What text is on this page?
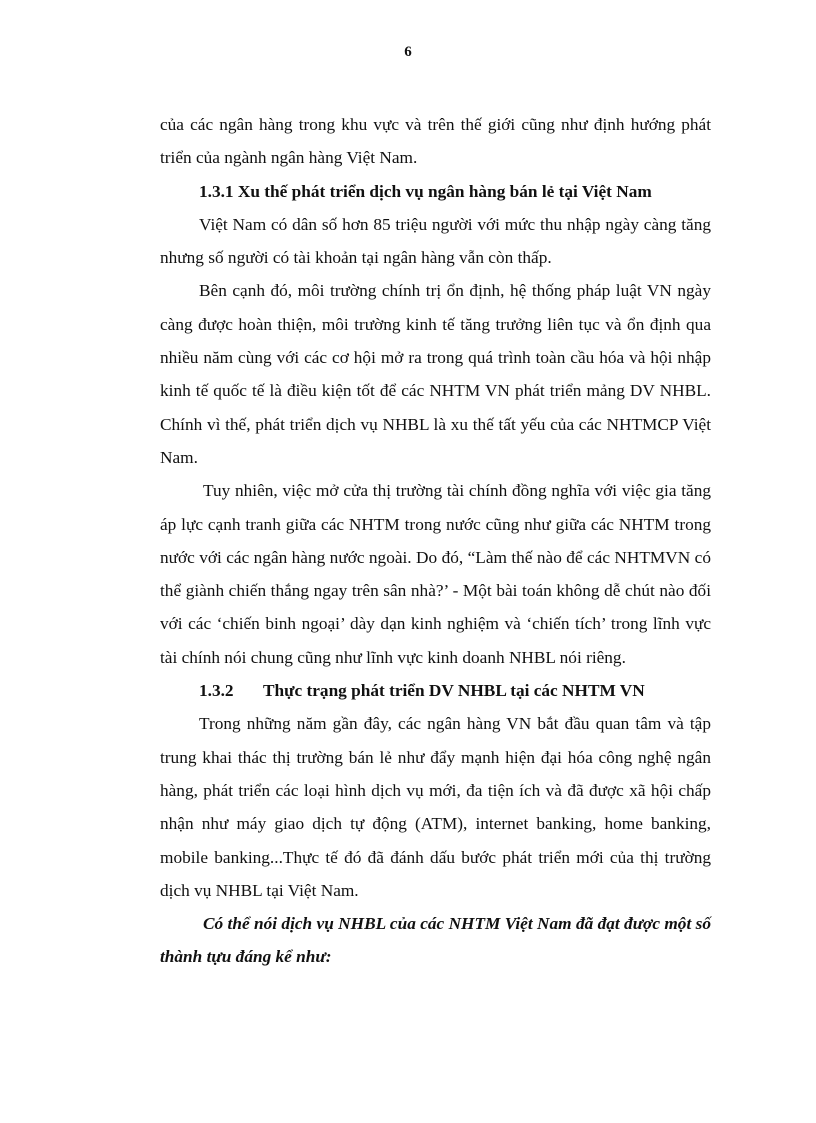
6

của các ngân hàng trong khu vực và trên thế giới cũng như định hướng phát triển của ngành ngân hàng Việt Nam.

1.3.1 Xu thế phát triển dịch vụ ngân hàng bán lẻ tại Việt Nam

Việt Nam có dân số hơn 85 triệu người với mức thu nhập ngày càng tăng nhưng số người có tài khoản tại ngân hàng vẫn còn thấp.

Bên cạnh đó, môi trường chính trị ổn định, hệ thống pháp luật VN ngày càng được hoàn thiện, môi trường kinh tế tăng trưởng liên tục và ổn định qua nhiều năm cùng với các cơ hội mở ra trong quá trình toàn cầu hóa và hội nhập kinh tế quốc tế là điều kiện tốt để các NHTM VN phát triển mảng DV NHBL. Chính vì thế, phát triển dịch vụ NHBL là xu thế tất yếu của các NHTMCP Việt Nam.

Tuy nhiên, việc mở cửa thị trường tài chính đồng nghĩa với việc gia tăng áp lực cạnh tranh giữa các NHTM trong nước cũng như giữa các NHTM trong nước với các ngân hàng nước ngoài. Do đó, “Làm thế nào để các NHTMVN có thể giành chiến thắng ngay trên sân nhà?’ - Một bài toán không dễ chút nào đối với các ‘chiến binh ngoại’ dày dạn kinh nghiệm và ‘chiến tích’ trong lĩnh vực tài chính nói chung cũng như lĩnh vực kinh doanh NHBL nói riêng.

1.3.2 Thực trạng phát triển DV NHBL tại các NHTM VN

Trong những năm gần đây, các ngân hàng VN bắt đầu quan tâm và tập trung khai thác thị trường bán lẻ như đẩy mạnh hiện đại hóa công nghệ ngân hàng, phát triển các loại hình dịch vụ mới, đa tiện ích và đã được xã hội chấp nhận như máy giao dịch tự động (ATM), internet banking, home banking, mobile banking...Thực tế đó đã đánh dấu bước phát triển mới của thị trường dịch vụ NHBL tại Việt Nam.

Có thể nói dịch vụ NHBL của các NHTM Việt Nam đã đạt được một số thành tựu đáng kể như:
